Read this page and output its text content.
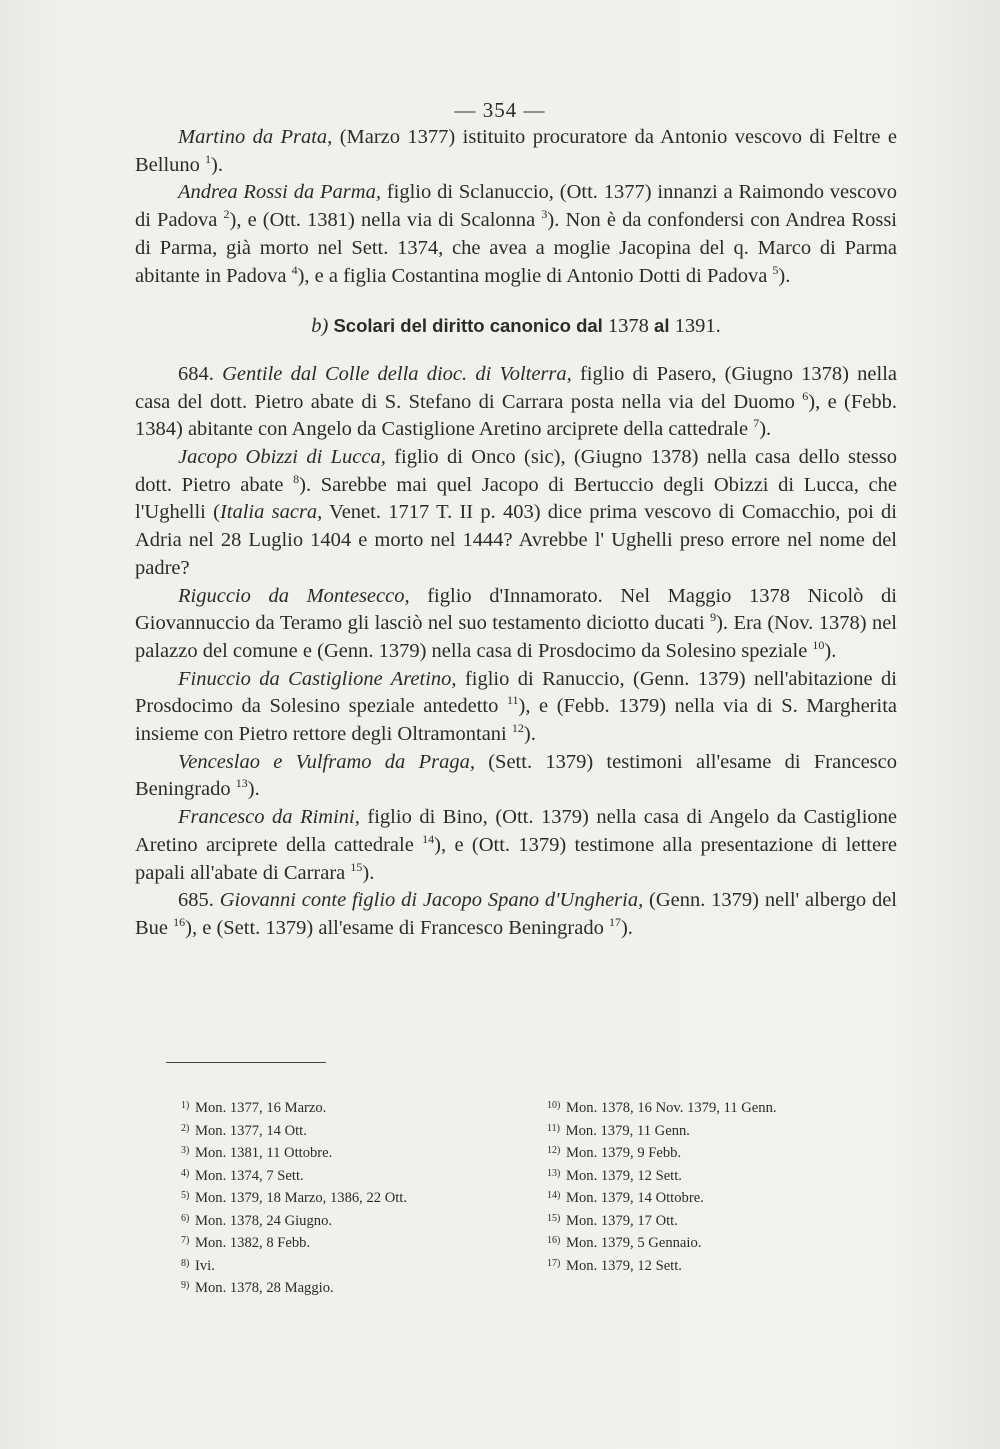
— 354 —

Martino da Prata, (Marzo 1377) istituito procuratore da Antonio vescovo di Feltre e Belluno $^1$).

Andrea Rossi da Parma, figlio di Sclanuccio, (Ott. 1377) innanzi a Raimondo vescovo di Padova $^2$), e (Ott. 1381) nella via di Scalonna $^3$). Non è da confondersi con Andrea Rossi di Parma, già morto nel Sett. 1374, che avea a moglie Jacopina del q. Marco di Parma abitante in Padova $^4$), e a figlia Costantina moglie di Antonio Dotti di Padova $^5$).

b) Scolari del diritto canonico dal 1378 al 1391.

684. Gentile dal Colle della dioc. di Volterra, figlio di Pasero, (Giugno 1378) nella casa del dott. Pietro abate di S. Stefano di Carrara posta nella via del Duomo $^6$), e (Febb. 1384) abitante con Angelo da Castiglione Aretino arciprete della cattedrale $^7$).

Jacopo Obizzi di Lucca, figlio di Onco (sic), (Giugno 1378) nella casa dello stesso dott. Pietro abate $^8$). Sarebbe mai quel Jacopo di Bertuccio degli Obizzi di Lucca, che l'Ughelli (Italia sacra, Venet. 1717 T. II p. 403) dice prima vescovo di Comacchio, poi di Adria nel 28 Luglio 1404 e morto nel 1444? Avrebbe l' Ughelli preso errore nel nome del padre?

Riguccio da Montesecco, figlio d'Innamorato. Nel Maggio 1378 Nicolò di Giovannuccio da Teramo gli lasciò nel suo testamento diciotto ducati $^9$). Era (Nov. 1378) nel palazzo del comune e (Genn. 1379) nella casa di Prosdocimo da Solesino speziale $^{10}$).

Finuccio da Castiglione Aretino, figlio di Ranuccio, (Genn. 1379) nell'abitazione di Prosdocimo da Solesino speziale antedetto $^{11}$), e (Febb. 1379) nella via di S. Margherita insieme con Pietro rettore degli Oltramontani $^{12}$).

Venceslao e Vulframo da Praga, (Sett. 1379) testimoni all'esame di Francesco Beningrado $^{13}$).

Francesco da Rimini, figlio di Bino, (Ott. 1379) nella casa di Angelo da Castiglione Aretino arciprete della cattedrale $^{14}$), e (Ott. 1379) testimone alla presentazione di lettere papali all'abate di Carrara $^{15}$).

685. Giovanni conte figlio di Jacopo Spano d'Ungheria, (Genn. 1379) nell' albergo del Bue $^{16}$), e (Sett. 1379) all'esame di Francesco Beningrado $^{17}$).

$^{1)}$ Mon. 1377, 16 Marzo.
$^{2)}$ Mon. 1377, 14 Ott.
$^{3)}$ Mon. 1381, 11 Ottobre.
$^{4)}$ Mon. 1374, 7 Sett.
$^{5)}$ Mon. 1379, 18 Marzo, 1386, 22 Ott.
$^{6)}$ Mon. 1378, 24 Giugno.
$^{7)}$ Mon. 1382, 8 Febb.
$^{8)}$ Ivi.
$^{9)}$ Mon. 1378, 28 Maggio.
$^{10)}$ Mon. 1378, 16 Nov. 1379, 11 Genn.
$^{11)}$ Mon. 1379, 11 Genn.
$^{12)}$ Mon. 1379, 9 Febb.
$^{13)}$ Mon. 1379, 12 Sett.
$^{14)}$ Mon. 1379, 14 Ottobre.
$^{15)}$ Mon. 1379, 17 Ott.
$^{16)}$ Mon. 1379, 5 Gennaio.
$^{17)}$ Mon. 1379, 12 Sett.
